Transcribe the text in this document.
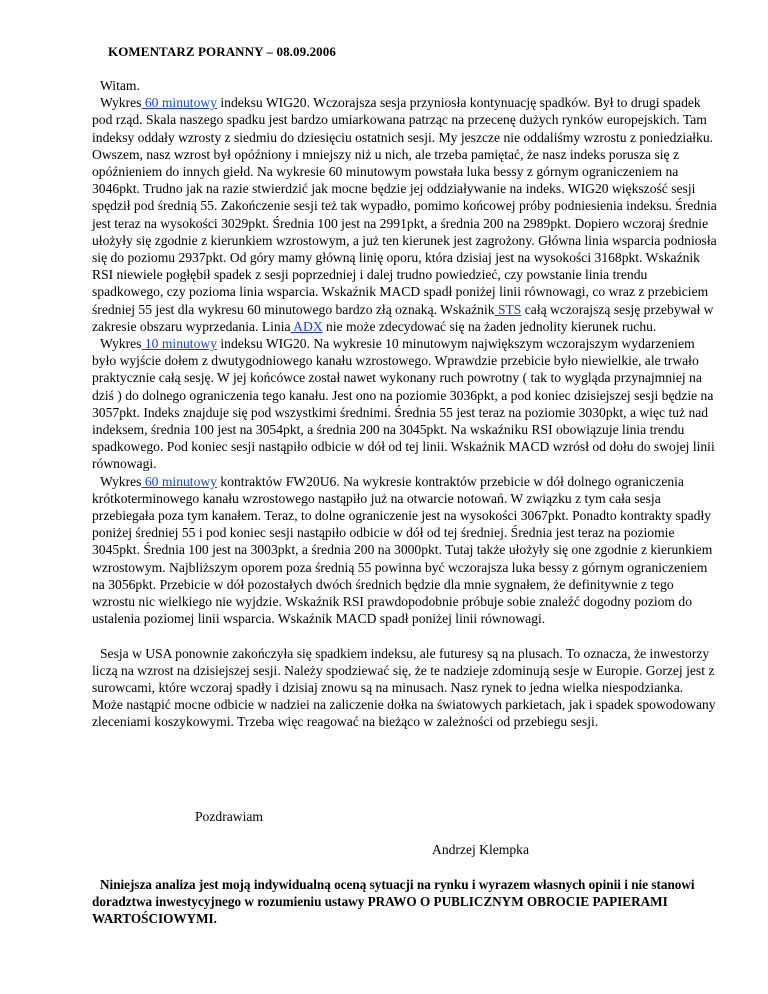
KOMENTARZ PORANNY – 08.09.2006

Witam.

Wykres 60 minutowy indeksu WIG20. Wczorajsza sesja przyniosła kontynuację spadków. Był to drugi spadek pod rząd. Skala naszego spadku jest bardzo umiarkowana patrząc na przecenę dużych rynków europejskich. Tam indeksy oddały wzrosty z siedmiu do dziesięciu ostatnich sesji. My jeszcze nie oddaliśmy wzrostu z poniedziałku. Owszem, nasz wzrost był opóźniony i mniejszy niż u nich, ale trzeba pamiętać, że nasz indeks porusza się z opóźnieniem do innych giełd. Na wykresie 60 minutowym powstała luka bessy z górnym ograniczeniem na 3046pkt. Trudno jak na razie stwierdzić jak mocne będzie jej oddziaływanie na indeks. WIG20 większość sesji spędził pod średnią 55. Zakończenie sesji też tak wypadło, pomimo końcowej próby podniesienia indeksu. Średnia jest teraz na wysokości 3029pkt. Średnia 100 jest na 2991pkt, a średnia 200 na 2989pkt. Dopiero wczoraj średnie ułożyły się zgodnie z kierunkiem wzrostowym, a już ten kierunek jest zagrożony. Główna linia wsparcia podniosła się do poziomu 2937pkt. Od góry mamy główną linię oporu, która dzisiaj jest na wysokości 3168pkt. Wskaźnik RSI niewiele pogłębił spadek z sesji poprzedniej i dalej trudno powiedzieć, czy powstanie linia trendu spadkowego, czy pozioma linia wsparcia. Wskaźnik MACD spadł poniżej linii równowagi, co wraz z przebiciem średniej 55 jest dla wykresu 60 minutowego bardzo złą oznaką. Wskaźnik STS całą wczorajszą sesję przebywał w zakresie obszaru wyprzedania. Linia ADX nie może zdecydować się na żaden jednolity kierunek ruchu.

Wykres 10 minutowy indeksu WIG20. Na wykresie 10 minutowym największym wczorajszym wydarzeniem było wyjście dołem z dwutygodniowego kanału wzrostowego. Wprawdzie przebicie było niewielkie, ale trwało praktycznie całą sesję. W jej końcówce został nawet wykonany ruch powrotny ( tak to wygląda przynajmniej na dziś ) do dolnego ograniczenia tego kanału. Jest ono na poziomie 3036pkt, a pod koniec dzisiejszej sesji będzie na 3057pkt. Indeks znajduje się pod wszystkimi średnimi. Średnia 55 jest teraz na poziomie 3030pkt, a więc tuż nad indeksem, średnia 100 jest na 3054pkt, a średnia 200 na 3045pkt. Na wskaźniku RSI obowiązuje linia trendu spadkowego. Pod koniec sesji nastąpiło odbicie w dół od tej linii. Wskaźnik MACD wzrósł od dołu do swojej linii równowagi.

Wykres 60 minutowy kontraktów FW20U6. Na wykresie kontraktów przebicie w dół dolnego ograniczenia krótkoterminowego kanału wzrostowego nastąpiło już na otwarcie notowań. W związku z tym cała sesja przebiegała poza tym kanałem. Teraz, to dolne ograniczenie jest na wysokości 3067pkt. Ponadto kontrakty spadły poniżej średniej 55 i pod koniec sesji nastąpiło odbicie w dół od tej średniej. Średnia jest teraz na poziomie 3045pkt. Średnia 100 jest na 3003pkt, a średnia 200 na 3000pkt. Tutaj także ułożyły się one zgodnie z kierunkiem wzrostowym. Najbliższym oporem poza średnią 55 powinna być wczorajsza luka bessy z górnym ograniczeniem na 3056pkt. Przebicie w dół pozostałych dwóch średnich będzie dla mnie sygnałem, że definitywnie z tego wzrostu nic wielkiego nie wyjdzie. Wskaźnik RSI prawdopodobnie próbuje sobie znaleźć dogodny poziom do ustalenia poziomej linii wsparcia. Wskaźnik MACD spadł poniżej linii równowagi.

Sesja w USA ponownie zakończyła się spadkiem indeksu, ale futuresy są na plusach. To oznacza, że inwestorzy liczą na wzrost na dzisiejszej sesji. Należy spodziewać się, że te nadzieje zdominują sesje w Europie. Gorzej jest z surowcami, które wczoraj spadły i dzisiaj znowu są na minusach. Nasz rynek to jedna wielka niespodzianka. Może nastąpić mocne odbicie w nadziei na zaliczenie dołka na światowych parkietach, jak i spadek spowodowany zleceniami koszykowymi. Trzeba więc reagować na bieżąco w zależności od przebiegu sesji.

Pozdrawiam
Andrzej Klempka
Niniejsza analiza jest moją indywidualną oceną sytuacji na rynku i wyrazem własnych opinii i nie stanowi doradztwa inwestycyjnego w rozumieniu ustawy PRAWO O PUBLICZNYM OBROCIE PAPIERAMI WARTOŚCIOWYMI.
